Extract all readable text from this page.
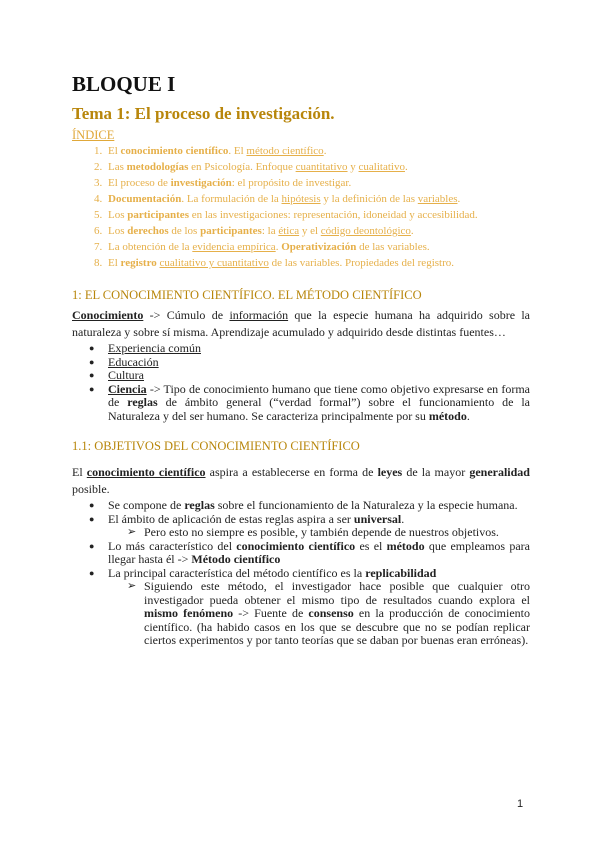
BLOQUE I
Tema 1: El proceso de investigación.
ÍNDICE
1. El conocimiento científico. El método científico.
2. Las metodologías en Psicología. Enfoque cuantitativo y cualitativo.
3. El proceso de investigación: el propósito de investigar.
4. Documentación. La formulación de la hipótesis y la definición de las variables.
5. Los participantes en las investigaciones: representación, idoneidad y accesibilidad.
6. Los derechos de los participantes: la ética y el código deontológico.
7. La obtención de la evidencia empírica. Operativización de las variables.
8. El registro cualitativo y cuantitativo de las variables. Propiedades del registro.
1: EL CONOCIMIENTO CIENTÍFICO. EL MÉTODO CIENTÍFICO

Conocimiento -> Cúmulo de información que la especie humana ha adquirido sobre la naturaleza y sobre sí misma. Aprendizaje acumulado y adquirido desde distintas fuentes…

● Experiencia común
● Educación
● Cultura
● Ciencia -> Tipo de conocimiento humano que tiene como objetivo expresarse en forma de reglas de ámbito general (“verdad formal”) sobre el funcionamiento de la Naturaleza y del ser humano. Se caracteriza principalmente por su método.
1.1: OBJETIVOS DEL CONOCIMIENTO CIENTÍFICO

El conocimiento científico aspira a establecerse en forma de leyes de la mayor generalidad posible.

● Se compone de reglas sobre el funcionamiento de la Naturaleza y la especie humana.
● El ámbito de aplicación de estas reglas aspira a ser universal.
➢ Pero esto no siempre es posible, y también depende de nuestros objetivos.
● Lo más característico del conocimiento científico es el método que empleamos para llegar hasta él -> Método científico
● La principal característica del método científico es la replicabilidad
➢ Siguiendo este método, el investigador hace posible que cualquier otro investigador pueda obtener el mismo tipo de resultados cuando explora el mismo fenómeno -> Fuente de consenso en la producción de conocimiento científico. (ha habido casos en los que se descubre que no se podían replicar ciertos experimentos y por tanto teorías que se daban por buenas eran erróneas).
1
